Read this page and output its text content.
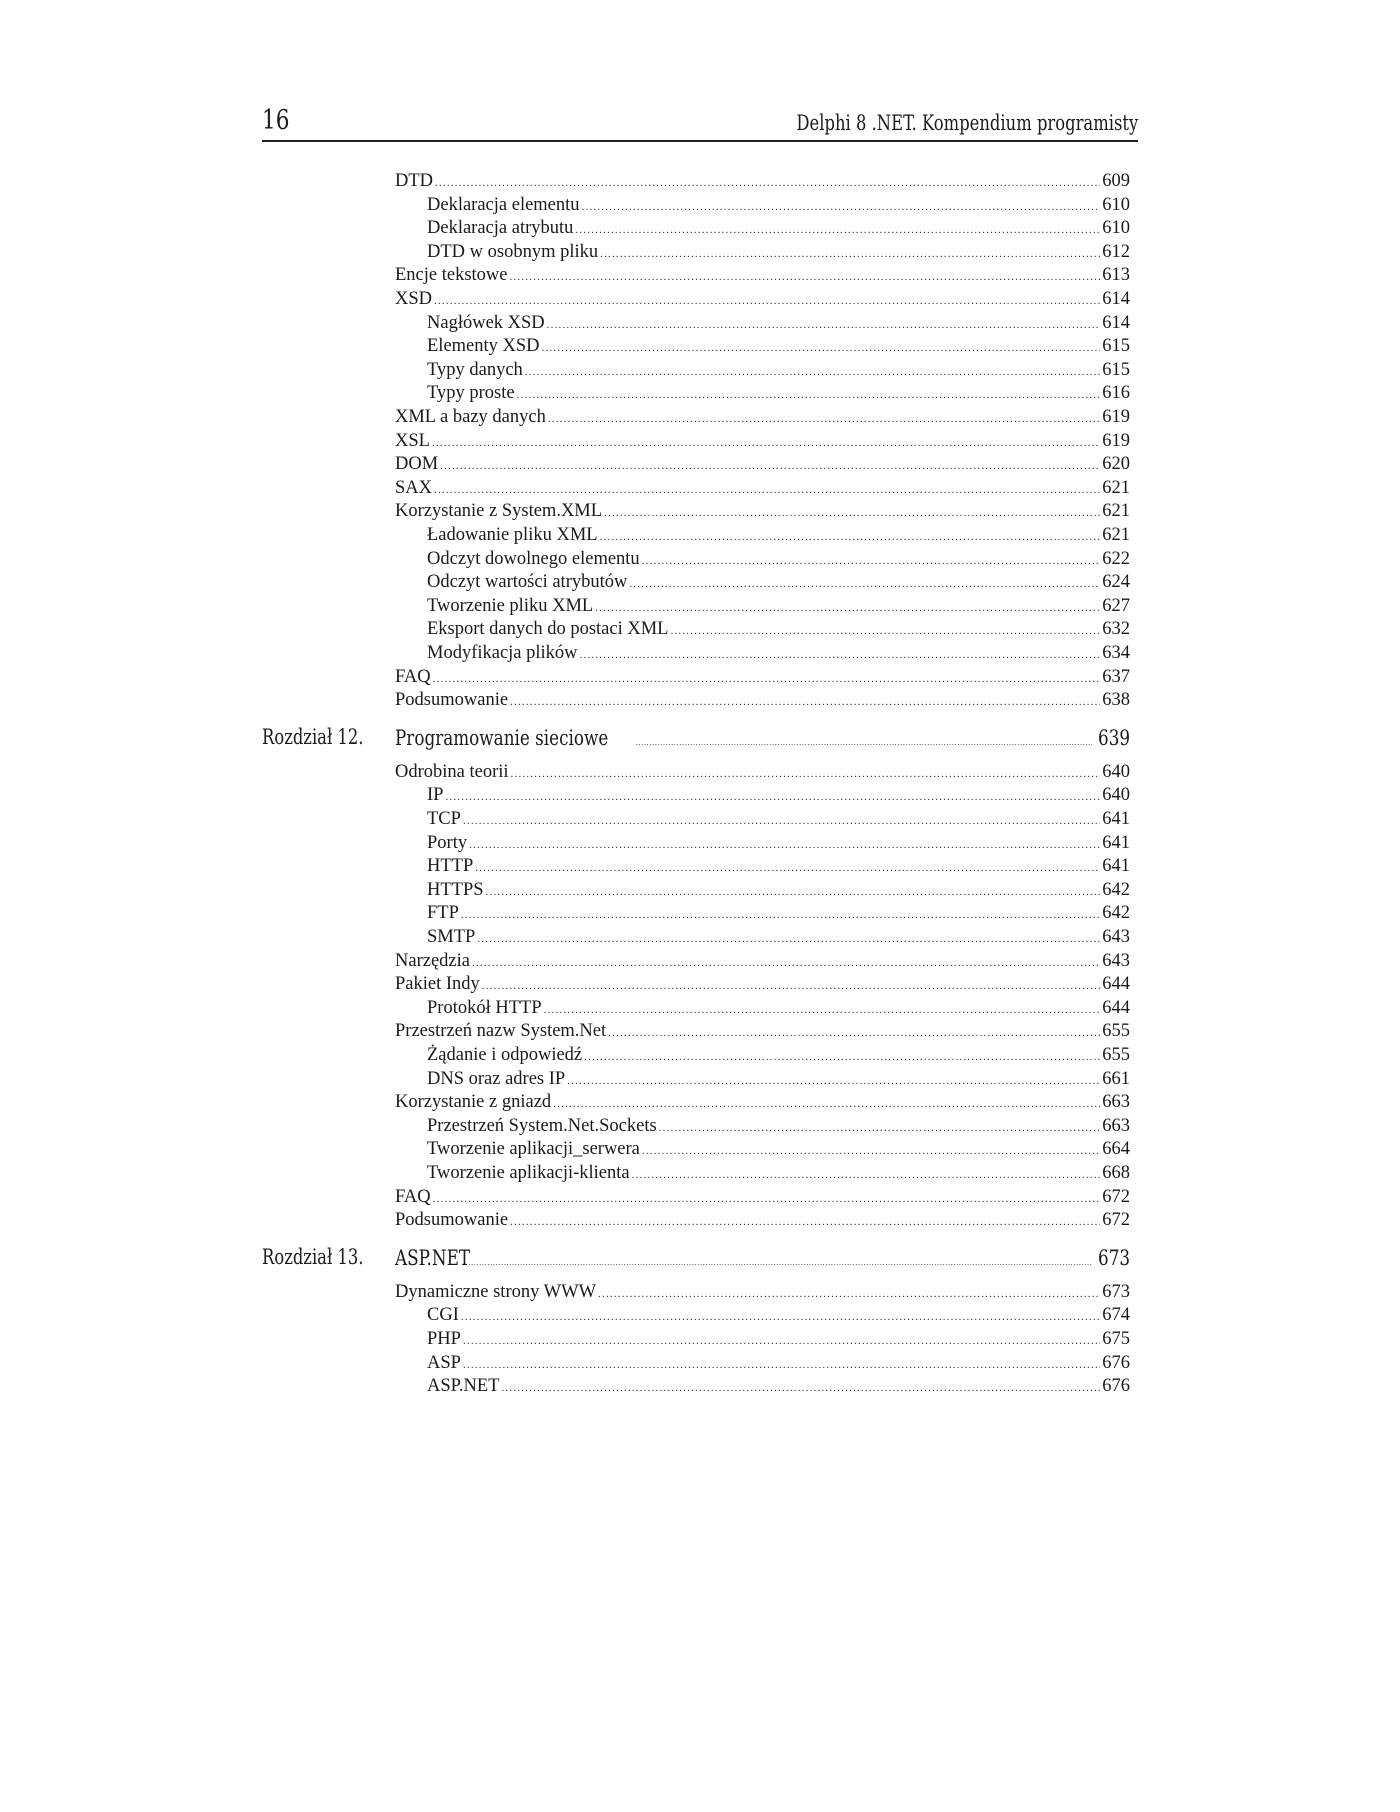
16	Delphi 8 .NET. Kompendium programisty
DTD .....	609
Deklaracja elementu .....	610
Deklaracja atrybutu .....	610
DTD w osobnym pliku .....	612
Encje tekstowe .....	613
XSD .....	614
Nagłówek XSD .....	614
Elementy XSD .....	615
Typy danych .....	615
Typy proste .....	616
XML a bazy danych .....	619
XSL .....	619
DOM .....	620
SAX .....	621
Korzystanie z System.XML .....	621
Ładowanie pliku XML .....	621
Odczyt dowolnego elementu .....	622
Odczyt wartości atrybutów .....	624
Tworzenie pliku XML .....	627
Eksport danych do postaci XML .....	632
Modyfikacja plików .....	634
FAQ .....	637
Podsumowanie .....	638
Rozdział 12. Programowanie sieciowe .....	639
Odrobina teorii .....	640
IP .....	640
TCP .....	641
Porty .....	641
HTTP .....	641
HTTPS .....	642
FTP .....	642
SMTP .....	643
Narzędzia .....	643
Pakiet Indy .....	644
Protokół HTTP .....	644
Przestrzeń nazw System.Net .....	655
Żądanie i odpowiedź .....	655
DNS oraz adres IP .....	661
Korzystanie z gniazd .....	663
Przestrzeń System.Net.Sockets .....	663
Tworzenie aplikacji_serwera .....	664
Tworzenie aplikacji-klienta .....	668
FAQ .....	672
Podsumowanie .....	672
Rozdział 13. ASP.NET .....	673
Dynamiczne strony WWW .....	673
CGI .....	674
PHP .....	675
ASP .....	676
ASP.NET .....	676
